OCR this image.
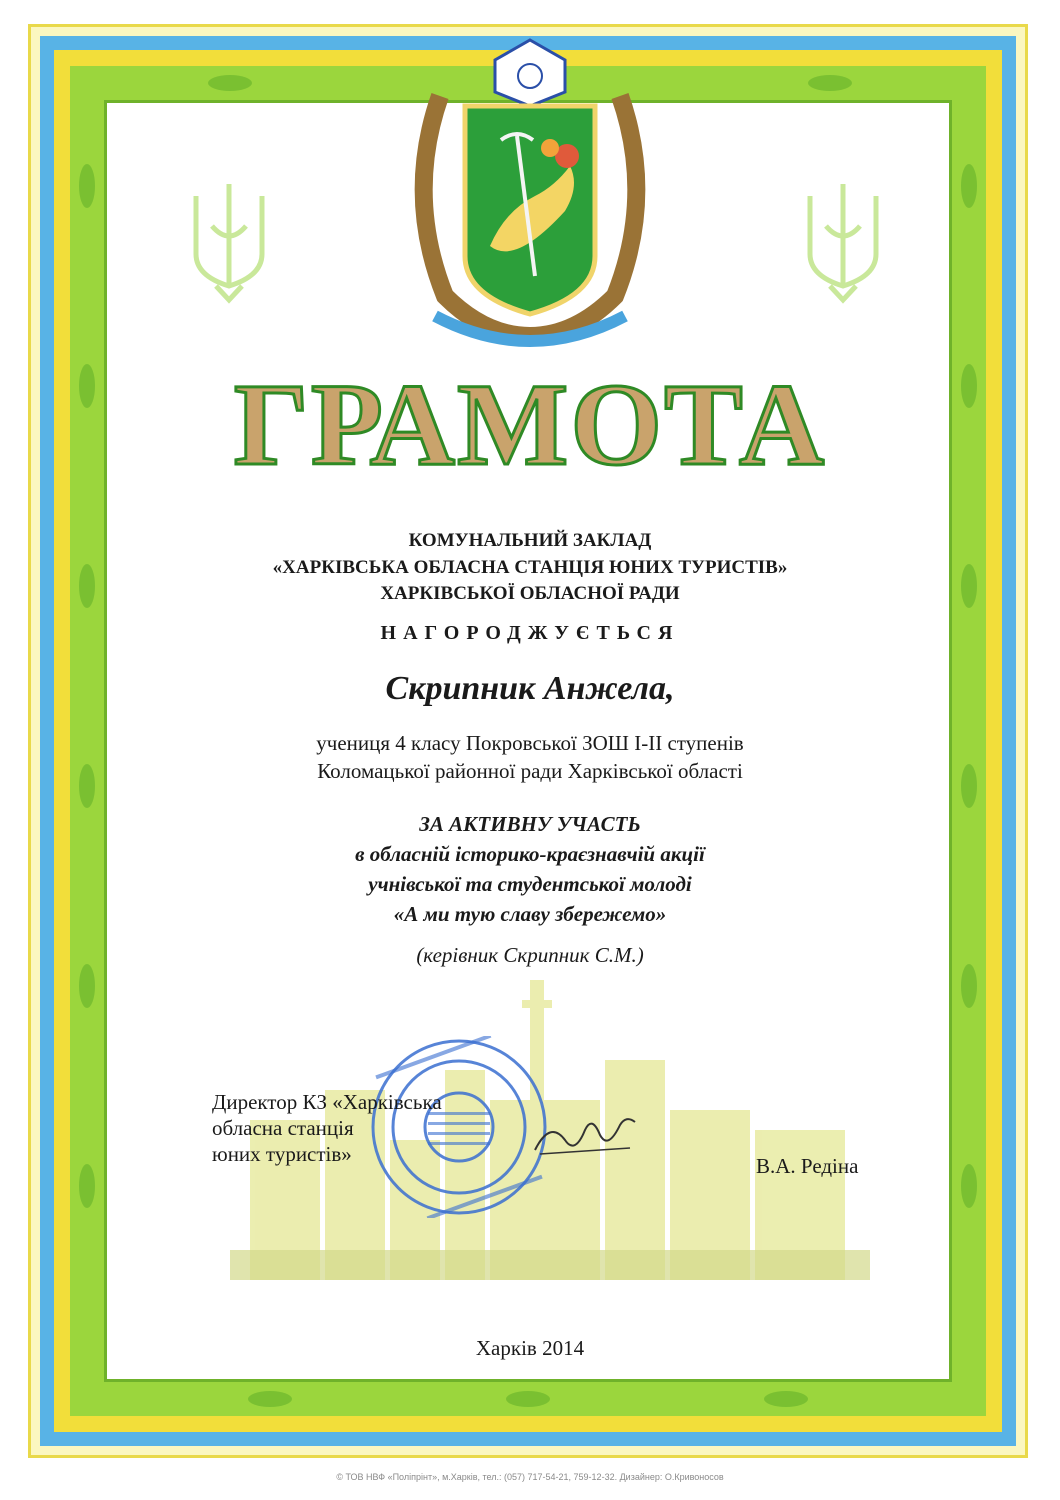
ГРАМОТА
КОМУНАЛЬНИЙ ЗАКЛАД
«ХАРКІВСЬКА ОБЛАСНА СТАНЦІЯ ЮНИХ ТУРИСТІВ»
ХАРКІВСЬКОЇ ОБЛАСНОЇ РАДИ
НАГОРОДЖУЄТЬСЯ
Скрипник Анжела,
учениця 4 класу Покровської ЗОШ І-ІІ ступенів
Коломацької районної ради Харківської області
ЗА АКТИВНУ УЧАСТЬ
в обласній історико-краєзнавчій акції
учнівської та студентської молоді
«А ми тую славу збережемо»
(керівник Скрипник С.М.)
Директор КЗ «Харківська
обласна станція
юних туристів»	В.А. Редіна
Харків 2014
© ТОВ НВФ «Поліпрінт», м.Харків, тел.: (057) 717-54-21, 759-12-32. Дизайнер: О.Кривоносов
